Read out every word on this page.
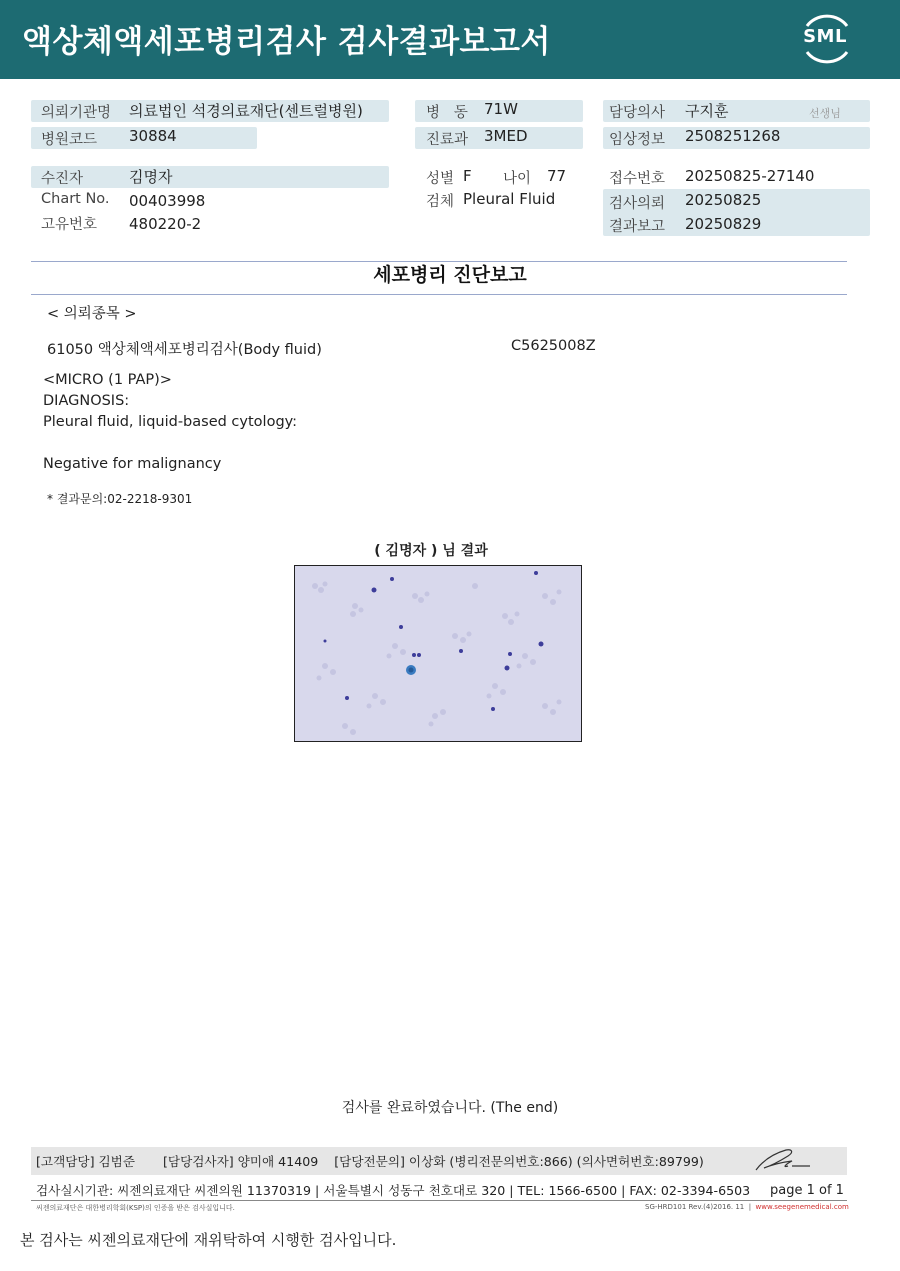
액상체액세포병리검사 검사결과보고서	SML
의뢰기관명 의료법인 석경의료재단(센트럴병원)
병원코드 30884
병   동 71W
진료과 3MED
담당의사 구지훈	선생님
임상정보 2508251268
수진자	김명자
Chart No. 00403998
고유번호 480220-2
성별 F 나이 77
검체 Pleural Fluid
접수번호 20250825-27140
검사의뢰 20250825
결과보고 20250829
세포병리 진단보고
< 의뢰종목 >
61050 액상체액세포병리검사(Body fluid)	C5625008Z
<MICRO (1 PAP)>
DIAGNOSIS:
Pleural fluid, liquid-based cytology:
Negative for malignancy
* 결과문의:02-2218-9301
( 김명자 ) 님 결과
검사를 완료하였습니다. (The end)
[고객담당] 김범준       [담당검사자] 양미애 41409    [담당전문의] 이상화 (병리전문의번호:866) (의사면허번호:89799)
검사실시기관: 씨젠의료재단 씨젠의원 11370319 | 서울특별시 성동구 천호대로 320 | TEL: 1566-6500 | FAX: 02-3394-6503 page 1 of 1
씨젠의료재단은 대한병리학회(KSP)의 인증을 받은 검사실입니다.	SG-HRD101 Rev.(4)2016. 11  |  www.seegenemedical.com
본 검사는 씨젠의료재단에 재위탁하여 시행한 검사입니다.
